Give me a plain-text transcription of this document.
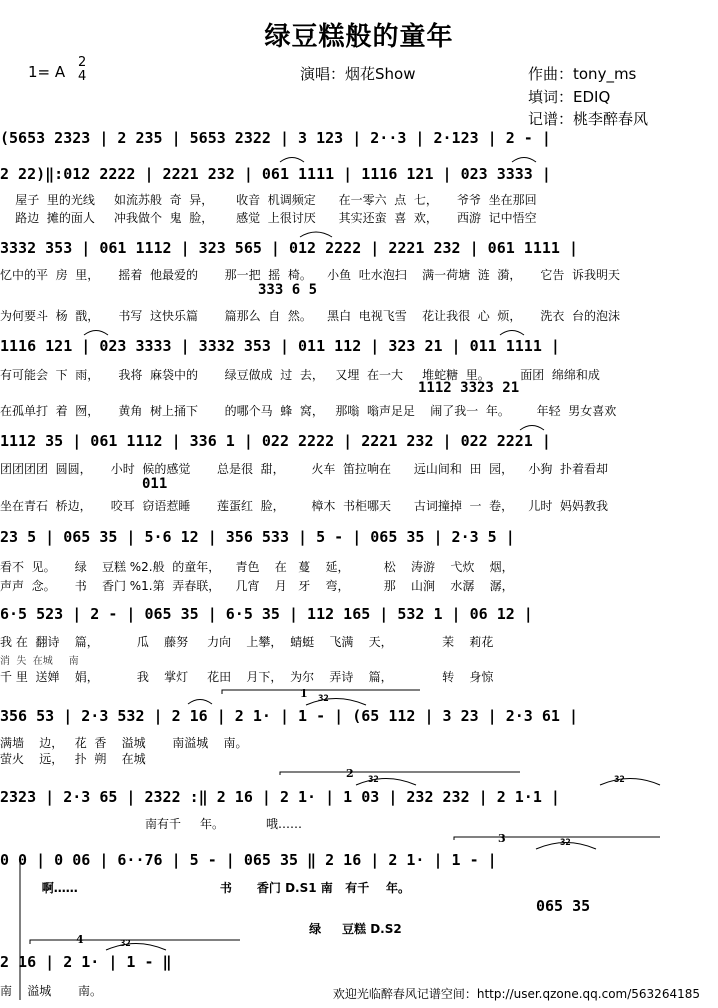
绿豆糕般的童年
1= A
2
4	演唱：烟花Show	作曲：tony_ms
填词：EDIQ
记谱：桃李醉春风
(5653 2323 | 2 235 | 5653 2322 | 3 123 | 2··3 | 2·123 | 2 - |
2 22)‖:012 2222 | 2221 232 | 061 1111 | 1116 121 | 023 3333 |
屋子  里的光线     如流苏般  奇  异，      收音  机调频定      在一零六  点  七，     爷爷  坐在那回
路边  摊的面人     冲我做个  鬼  脸，      感觉  上很讨厌      其实还蛮  喜  欢，     西游  记中悟空
3332 353 | 061 1112 | 323 565 | 012 2222 | 2221 232 | 061 1111 |
忆中的平  房  里，     摇着  他最爱的       那一把  摇  椅。    小鱼  吐水泡扫    满一荷塘  涟  漪，     它告  诉我明天
333 6 5
为何要斗  杨  戬，     书写  这快乐篇       篇那么  自  然。    黑白  电视飞雪    花让我很  心  烦，     洗衣  台的泡沫
1116 121 | 023 3333 | 3332 353 | 011 112 | 323 21 | 011 1111 |
有可能会  下  雨，     我将  麻袋中的       绿豆做成  过  去，   又埋  在一大     堆蛇糖  里。        面团  绵绵和成
1112 3323 21
在孤单打  着  囫，     黄角  树上捅下       的哪个马  蜂  窝，   那嗡  嗡声足足    闹了我一  年。       年轻  男女喜欢
1112 35 | 061 1112 | 336 1 | 022 2222 | 2221 232 | 022 2221 |
团团团团  圆圆，     小时  候的感觉       总是很  甜，       火车  笛拉响在      远山间和  田  园，    小狗  扑着看却
011
坐在青石  桥边，     咬耳  窃语惹睡       莲蛋红  脸，       樟木  书柜哪天      古词撞掉  一  卷，    儿时  妈妈教我
23 5 | 065 35 | 5·6 12 | 356 533 | 5 - | 065 35 | 2·3 5 |
看不  见。     绿    豆糕 %2.般  的童年，    青色    在   蔓    延，         松    涛游    弋炊    烟，
声声  念。     书    香门 %1.第  弄春联，    几宵    月   牙    弯，         那    山涧    水潺    潺，
6·5 523 | 2 - | 065 35 | 6·5 35 | 112 165 | 532 1 | 06 12 |
我 在  翻诗    篇，          瓜    藤努     力向    上攀，  蜻蜓    飞满    天，             茉    莉花
消  失  在城     南
千 里  送婵    娟，          我    掌灯     花田    月下，  为尔    弄诗    篇，             转    身惊
1
356 53 | 2·3 532 | 2 16 | 2 1· | 1 - | (65 112 | 3 23 | 2·3 61 |
满墙    边，   花  香    溢城       南溢城    南。
萤火    远，   扑  朔    在城
2
2323 | 2·3 65 | 2322 :‖ 2 16 | 2 1· | 1 03 | 232 232 | 2 1·1 |
南有千     年。           哦……
3
0 0 | 0 06 | 6··76 | 5 - | 065 35 ‖ 2 16 | 2 1· | 1 - |
啊……                                  书      香门 D.S1 南   有千    年。
065 35
绿     豆糕 D.S2
4
2 16 | 2 1· | 1 - ‖
南    溢城       南。	欢迎光临醉春风记谱空间：http://user.qzone.qq.com/563264185
32
32	32
32
32
